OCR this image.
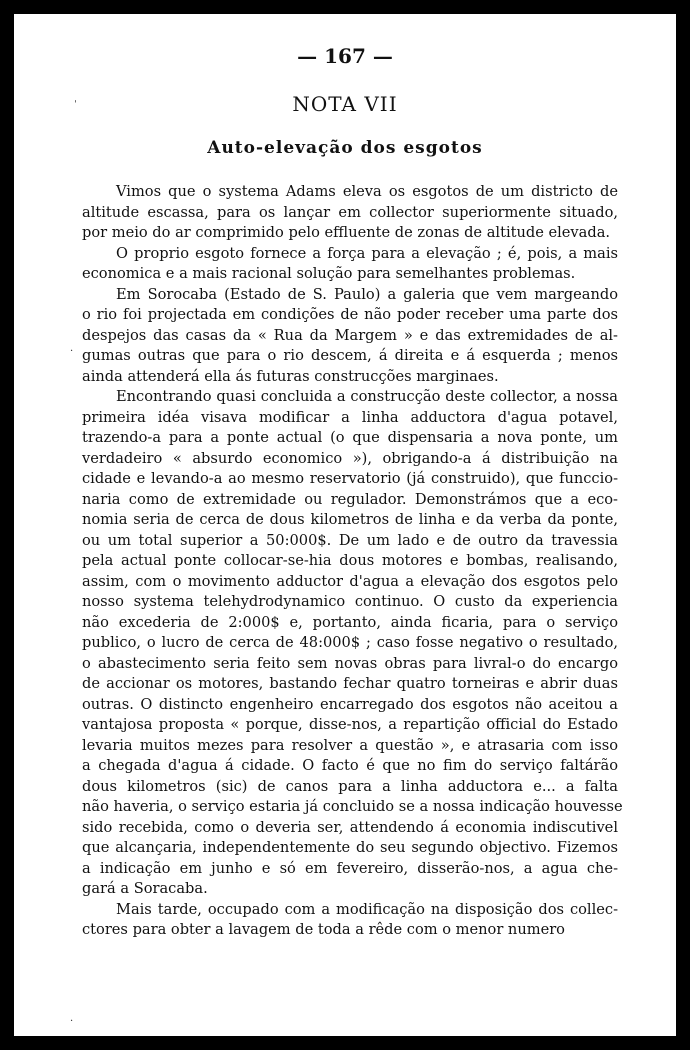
— 167 —
NOTA VII
Auto-elevação dos esgotos

Vimos que o systema Adams eleva os esgotos de um districto de
altitude escassa, para os lançar em collector superiormente situado,
por meio do ar comprimido pelo effluente de zonas de altitude elevada.

O proprio esgoto fornece a força para a elevação ; é, pois, a mais
economica e a mais racional solução para semelhantes problemas.

Em Sorocaba (Estado de S. Paulo) a galeria que vem margeando
o rio foi projectada em condições de não poder receber uma parte dos
despejos das casas da « Rua da Margem » e das extremidades de al-
gumas outras que para o rio descem, á direita e á esquerda ; menos
ainda attenderá ella ás futuras construcções marginaes.

Encontrando quasi concluida a construcção deste collector, a nossa
primeira idéa visava modificar a linha adductora d'agua potavel,
trazendo-a para a ponte actual (o que dispensaria a nova ponte, um
verdadeiro « absurdo economico »), obrigando-a á distribuição na
cidade e levando-a ao mesmo reservatorio (já construido), que funccio-
naria como de extremidade ou regulador. Demonstrámos que a eco-
nomia seria de cerca de dous kilometros de linha e da verba da ponte,
ou um total superior a 50:000$. De um lado e de outro da travessia
pela actual ponte collocar-se-hia dous motores e bombas, realisando,
assim, com o movimento adductor d'agua a elevação dos esgotos pelo
nosso systema telehydrodynamico continuo. O custo da experiencia
não excederia de 2:000$ e, portanto, ainda ficaria, para o serviço
publico, o lucro de cerca de 48:000$ ; caso fosse negativo o resultado,
o abastecimento seria feito sem novas obras para livral-o do encargo
de accionar os motores, bastando fechar quatro torneiras e abrir duas
outras. O distincto engenheiro encarregado dos esgotos não aceitou a
vantajosa proposta « porque, disse-nos, a repartição official do Estado
levaria muitos mezes para resolver a questão », e atrasaria com isso
a chegada d'agua á cidade. O facto é que no fim do serviço faltárão
dous kilometros (sic) de canos para a linha adductora e... a falta
não haveria, o serviço estaria já concluido se a nossa indicação houvesse
sido recebida, como o deveria ser, attendendo á economia indiscutivel
que alcançaria, independentemente do seu segundo objectivo. Fizemos
a indicação em junho e só em fevereiro, disserão-nos, a agua che-
gará a Soracaba.

Mais tarde, occupado com a modificação na disposição dos collec-
ctores para obter a lavagem de toda a rêde com o menor numero

ˈ
·
·
